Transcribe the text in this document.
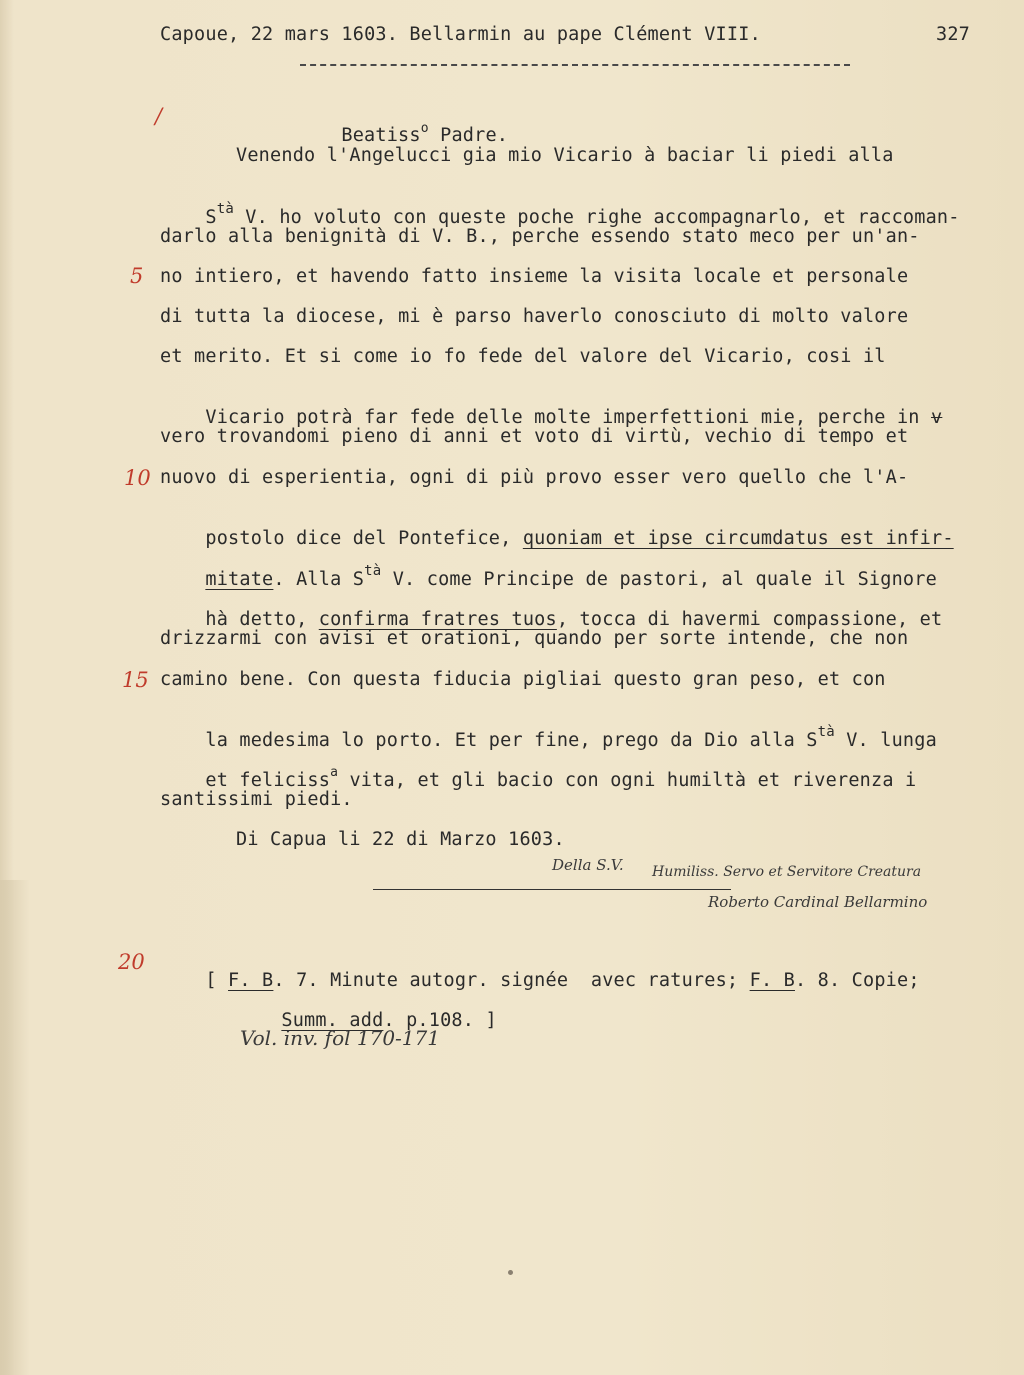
Capoue, 22 mars 1603. Bellarmin au pape Clément VIII.	327
/
5
10
15
20

Beatiss$^o$ Padre.

Venendo l'Angelucci gia mio Vicario à baciar li piedi alla

$S^{tà}$ V. ho voluto con queste poche righe accompagnarlo, et raccoman-

darlo alla benignità di V. B., perche essendo stato meco per un'an-
no intiero, et havendo fatto insieme la visita locale et personale
di tutta la diocese, mi è parso haverlo conosciuto di molto valore
et merito. Et si come io fo fede del valore del Vicario, cosi il

Vicario potrà far fede delle molte imperfettioni mie, perche in v

vero trovandomi pieno di anni et voto di virtù, vechio di tempo et
nuovo di esperientia, ogni di più provo esser vero quello che l'A-

postolo dice del Pontefice, quoniam et ipse circumdatus est infir-

mitate. Alla $S^{tà}$ V. come Principe de pastori, al quale il Signore

hà detto, confirma fratres tuos, tocca di havermi compassione, et

drizzarmi con avisi et orationi, quando per sorte intende, che non
camino bene. Con questa fiducia pigliai questo gran peso, et con

la medesima lo porto. Et per fine, prego da Dio alla $S^{tà}$ V. lunga

et feliciss$^a$ vita, et gli bacio con ogni humiltà et riverenza i

santissimi piedi.
Di Capua li 22 di Marzo 1603.
Della S.V. Humiliss. Servo et Servitore Creatura
Roberto Cardinal Bellarmino

[ F. B. 7. Minute autogr. signée  avec ratures; F. B. 8. Copie;

Summ. add. p.108. ]

Vol. inv. fol 170-171
